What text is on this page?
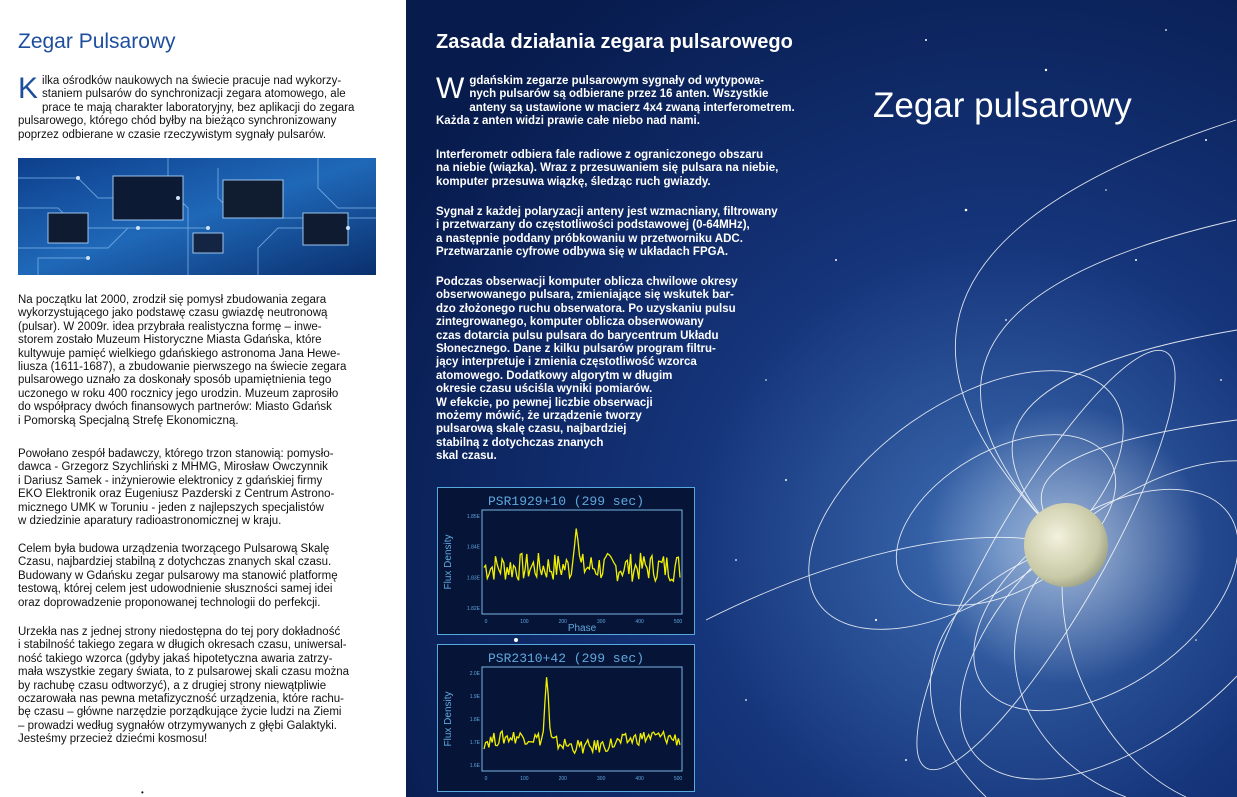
Zegar Pulsarowy
Kilka ośrodków naukowych na świecie pracuje nad wykorzy-
staniem pulsarów do synchronizacji zegara atomowego, ale
prace te mają charakter laboratoryjny, bez aplikacji do zegara
pulsarowego, którego chód byłby na bieżąco synchronizowany
poprzez odbierane w czasie rzeczywistym sygnały pulsarów.
Na początku lat 2000, zrodził się pomysł zbudowania zegara
wykorzystującego jako podstawę czasu gwiazdę neutronową
(pulsar). W 2009r. idea przybrała realistyczna formę – inwe-
storem zostało Muzeum Historyczne Miasta Gdańska, które
kultywuje pamięć wielkiego gdańskiego astronoma Jana Hewe-
liusza (1611-1687), a zbudowanie pierwszego na świecie zegara
pulsarowego uznało za doskonały sposób upamiętnienia tego
uczonego w roku 400 rocznicy jego urodzin. Muzeum zaprosiło
do współpracy dwóch finansowych partnerów: Miasto Gdańsk
i Pomorską Specjalną Strefę Ekonomiczną.
Powołano zespół badawczy, którego trzon stanowią: pomysło-
dawca - Grzegorz Szychliński z MHMG, Mirosław Owczynnik
i Dariusz Samek - inżynierowie elektronicy z gdańskiej firmy
EKO Elektronik oraz Eugeniusz Pazderski z Centrum Astrono-
micznego UMK w Toruniu - jeden z najlepszych specjalistów
w dziedzinie aparatury radioastronomicznej w kraju.
Celem była budowa urządzenia tworzącego Pulsarową Skalę
Czasu, najbardziej stabilną z dotychczas znanych skal czasu.
Budowany w Gdańsku zegar pulsarowy ma stanowić platformę
testową, której celem jest udowodnienie słuszności samej idei
oraz doprowadzenie proponowanej technologii do perfekcji.
Urzekła nas z jednej strony niedostępna do tej pory dokładność
i stabilność takiego zegara w długich okresach czasu, uniwersal-
ność takiego wzorca (gdyby jakaś hipotetyczna awaria zatrzy-
mała wszystkie zegary świata, to z pulsarowej skali czasu można
by rachubę czasu odtworzyć), a z drugiej strony niewątpliwie
oczarowała nas pewna metafizyczność urządzenia, które rachu-
bę czasu – główne narzędzie porządkujące życie ludzi na Ziemi
– prowadzi według sygnałów otrzymywanych z głębi Galaktyki.
Jesteśmy przecież dziećmi kosmosu!
•
Zasada działania zegara pulsarowego
Wgdańskim zegarze pulsarowym sygnały od wytypowa-
nych pulsarów są odbierane przez 16 anten. Wszystkie
anteny są ustawione w macierz 4x4 zwaną interferometrem.
Każda z anten widzi prawie całe niebo nad nami.
Interferometr odbiera fale radiowe z ograniczonego obszaru
na niebie (wiązka). Wraz z przesuwaniem się pulsara na niebie,
komputer przesuwa wiązkę, śledząc ruch gwiazdy.
Sygnał z każdej polaryzacji anteny jest wzmacniany, filtrowany
i przetwarzany do częstotliwości podstawowej (0-64MHz),
a następnie poddany próbkowaniu w przetworniku ADC.
Przetwarzanie cyfrowe odbywa się w układach FPGA.
Podczas obserwacji komputer oblicza chwilowe okresy
obserwowanego pulsara, zmieniające się wskutek bar-
dzo złożonego ruchu obserwatora. Po uzyskaniu pulsu
zintegrowanego, komputer oblicza obserwowany
czas dotarcia pulsu pulsara do barycentrum Układu
Słonecznego. Dane z kilku pulsarów program filtru-
jący interpretuje i zmienia częstotliwość wzorca
atomowego. Dodatkowy algorytm w długim
okresie czasu uściśla wyniki pomiarów.
W efekcie, po pewnej liczbie obserwacji
możemy mówić, że urządzenie tworzy
pulsarową skalę czasu, najbardziej
stabilną z dotychczas znanych
skal czasu.
Zegar pulsarowy
PSR1929+10 (299 sec)
Flux Density
Phase
0	100	200	300	400	500
1.82E
1.83E
1.84E
1.85E
PSR2310+42 (299 sec)
Flux Density
0	100	200	300	400	500
1.6E
1.7E
1.8E
1.9E
2.0E
